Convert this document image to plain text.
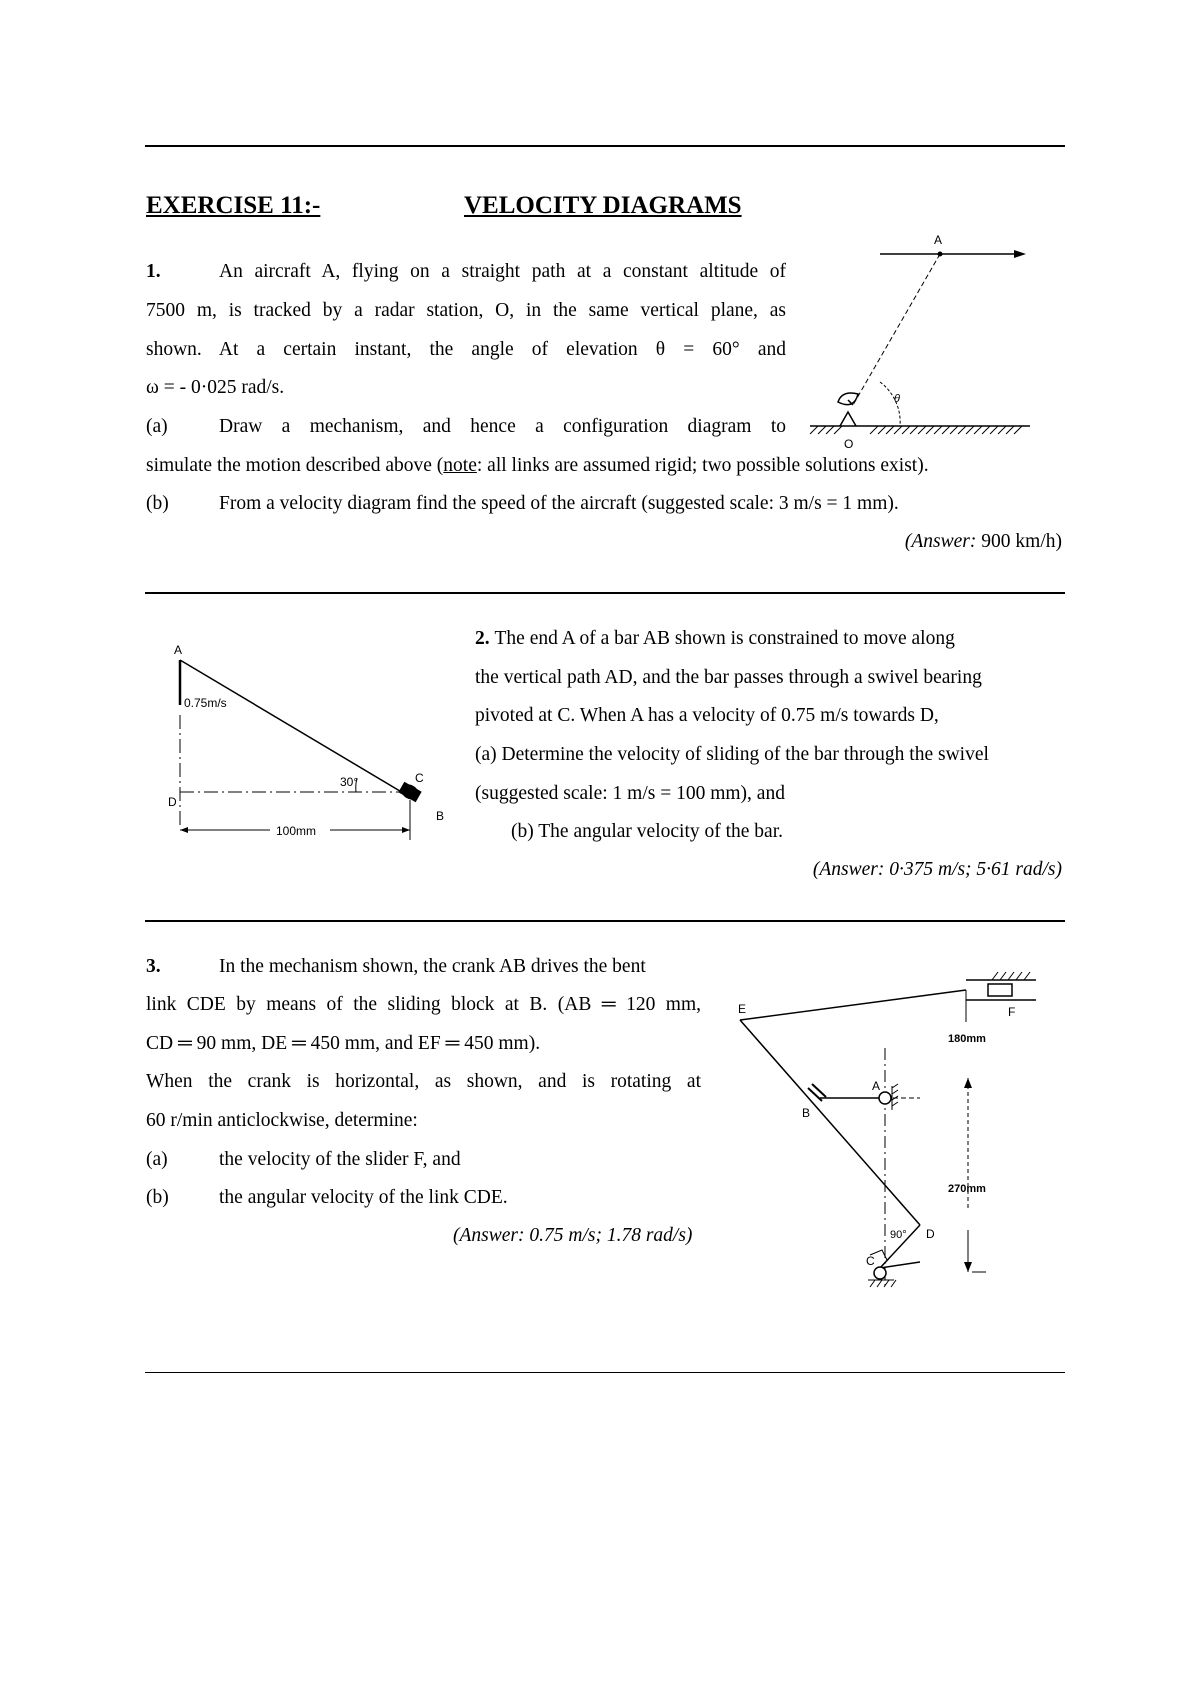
EXERCISE 11:-	VELOCITY DIAGRAMS
1.	An aircraft A, flying on a straight path at a constant altitude of
7500 m, is tracked by a radar station, O, in the same vertical plane, as
shown. At a certain instant, the angle of elevation θ = 60° and
ω = - 0·025 rad/s.
(a)	Draw a mechanism, and hence a configuration diagram to
simulate the motion described above (note: all links are assumed rigid; two possible solutions exist).
(b)	From a velocity diagram find the speed of the aircraft (suggested scale: 3 m/s = 1 mm).
(Answer: 900 km/h)
A
θ
O
2. The end A of a bar AB shown is constrained to move along
the vertical path AD, and the bar passes through a swivel bearing
pivoted at C. When A has a velocity of 0.75 m/s towards D,
(a) Determine the velocity of sliding of the bar through the swivel
(suggested scale: 1 m/s = 100 mm), and
(b) The angular velocity of the bar.
(Answer: 0·375 m/s; 5·61 rad/s)
A
0.75m/s
D
30°	C
B
100mm
3.	In the mechanism shown, the crank AB drives the bent
link CDE by means of the sliding block at B. (AB ═ 120 mm,
CD ═ 90 mm, DE ═ 450 mm, and EF ═ 450 mm).
When the crank is horizontal, as shown, and is rotating at
60 r/min anticlockwise, determine:
(a)	the velocity of the slider F, and
(b)	the angular velocity of the link CDE.
(Answer: 0.75 m/s; 1.78 rad/s)	90° D
E
B
A
C
F
180mm
270mm
